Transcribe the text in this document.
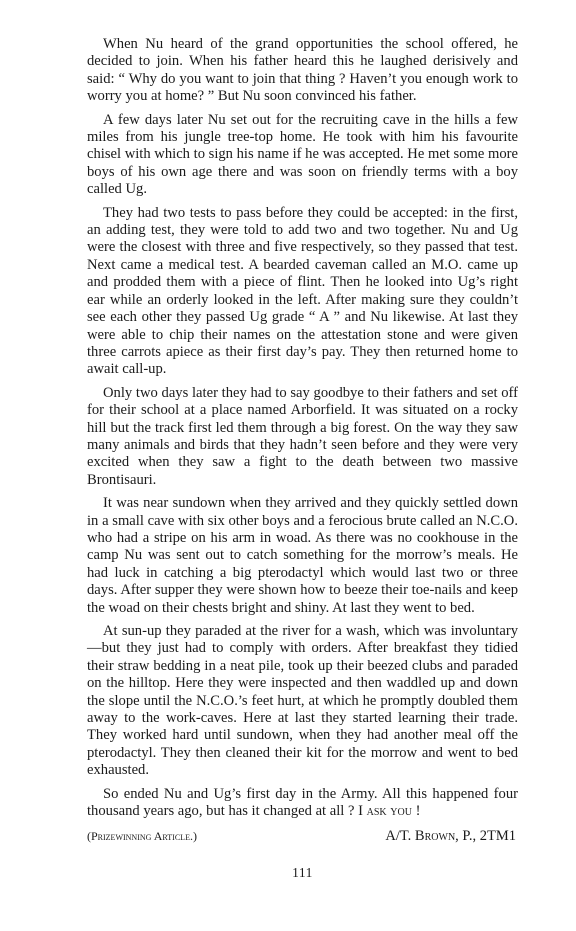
When Nu heard of the grand opportunities the school offered, he decided to join. When his father heard this he laughed derisively and said: “ Why do you want to join that thing ? Haven’t you enough work to worry you at home? ” But Nu soon convinced his father.

A few days later Nu set out for the recruiting cave in the hills a few miles from his jungle tree-top home. He took with him his favourite chisel with which to sign his name if he was accepted. He met some more boys of his own age there and was soon on friendly terms with a boy called Ug.

They had two tests to pass before they could be accepted: in the first, an adding test, they were told to add two and two together. Nu and Ug were the closest with three and five respectively, so they passed that test. Next came a medical test. A bearded caveman called an M.O. came up and prodded them with a piece of flint. Then he looked into Ug’s right ear while an orderly looked in the left. After making sure they couldn’t see each other they passed Ug grade “ A ” and Nu likewise. At last they were able to chip their names on the attestation stone and were given three carrots apiece as their first day’s pay. They then returned home to await call-up.

Only two days later they had to say goodbye to their fathers and set off for their school at a place named Arborfield. It was situated on a rocky hill but the track first led them through a big forest. On the way they saw many animals and birds that they hadn’t seen before and they were very excited when they saw a fight to the death between two massive Brontisauri.

It was near sundown when they arrived and they quickly settled down in a small cave with six other boys and a ferocious brute called an N.C.O. who had a stripe on his arm in woad. As there was no cookhouse in the camp Nu was sent out to catch something for the morrow’s meals. He had luck in catching a big pterodactyl which would last two or three days. After supper they were shown how to beeze their toe-nails and keep the woad on their chests bright and shiny. At last they went to bed.

At sun-up they paraded at the river for a wash, which was involuntary—but they just had to comply with orders. After breakfast they tidied their straw bedding in a neat pile, took up their beezed clubs and paraded on the hilltop. Here they were inspected and then waddled up and down the slope until the N.C.O.’s feet hurt, at which he promptly doubled them away to the work-caves. Here at last they started learning their trade. They worked hard until sundown, when they had another meal off the pterodactyl. They then cleaned their kit for the morrow and went to bed exhausted.

So ended Nu and Ug’s first day in the Army. All this happened four thousand years ago, but has it changed at all ? I ask you !

(Prizewinning Article.)	A/T. Brown, P., 2TM1
111
